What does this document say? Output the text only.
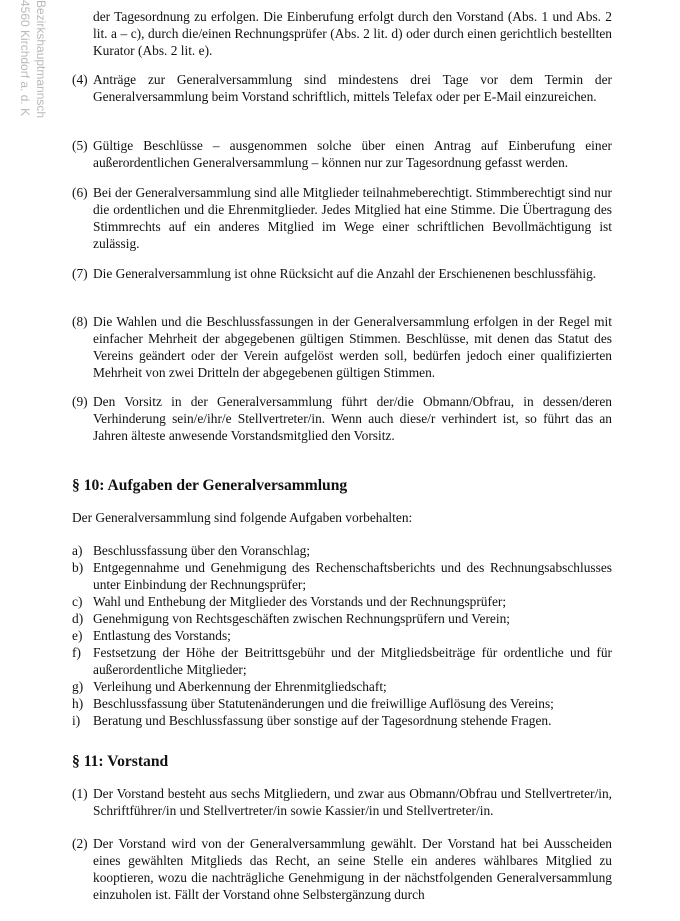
Bezirkshauptmannsch
4560 Kirchdorf a. d. K	der Tagesordnung zu erfolgen. Die Einberufung erfolgt durch den Vorstand (Abs. 1 und Abs. 2 lit. a – c), durch die/einen Rechnungsprüfer (Abs. 2 lit. d) oder durch einen gerichtlich bestellten Kurator (Abs. 2 lit. e).
(4) Anträge zur Generalversammlung sind mindestens drei Tage vor dem Termin der Generalversammlung beim Vorstand schriftlich, mittels Telefax oder per E-Mail einzureichen.
(5) Gültige Beschlüsse – ausgenommen solche über einen Antrag auf Einberufung einer außerordentlichen Generalversammlung – können nur zur Tagesordnung gefasst werden.
(6) Bei der Generalversammlung sind alle Mitglieder teilnahmeberechtigt. Stimmberechtigt sind nur die ordentlichen und die Ehrenmitglieder. Jedes Mitglied hat eine Stimme. Die Übertragung des Stimmrechts auf ein anderes Mitglied im Wege einer schriftlichen Bevollmächtigung ist zulässig.
(7) Die Generalversammlung ist ohne Rücksicht auf die Anzahl der Erschienenen beschlussfähig.
(8) Die Wahlen und die Beschlussfassungen in der Generalversammlung erfolgen in der Regel mit einfacher Mehrheit der abgegebenen gültigen Stimmen. Beschlüsse, mit denen das Statut des Vereins geändert oder der Verein aufgelöst werden soll, bedürfen jedoch einer qualifizierten Mehrheit von zwei Dritteln der abgegebenen gültigen Stimmen.
(9) Den Vorsitz in der Generalversammlung führt der/die Obmann/Obfrau, in dessen/deren Verhinderung sein/e/ihr/e Stellvertreter/in. Wenn auch diese/r verhindert ist, so führt das an Jahren älteste anwesende Vorstandsmitglied den Vorsitz.
§ 10: Aufgaben der Generalversammlung
Der Generalversammlung sind folgende Aufgaben vorbehalten:
a) Beschlussfassung über den Voranschlag;
b) Entgegennahme und Genehmigung des Rechenschaftsberichts und des Rechnungsabschlusses unter Einbindung der Rechnungsprüfer;
c) Wahl und Enthebung der Mitglieder des Vorstands und der Rechnungsprüfer;
d) Genehmigung von Rechtsgeschäften zwischen Rechnungsprüfern und Verein;
e) Entlastung des Vorstands;
f) Festsetzung der Höhe der Beitrittsgebühr und der Mitgliedsbeiträge für ordentliche und für außerordentliche Mitglieder;
g) Verleihung und Aberkennung der Ehrenmitgliedschaft;
h) Beschlussfassung über Statutenänderungen und die freiwillige Auflösung des Vereins;
i) Beratung und Beschlussfassung über sonstige auf der Tagesordnung stehende Fragen.
§ 11: Vorstand
(1) Der Vorstand besteht aus sechs Mitgliedern, und zwar aus Obmann/Obfrau und Stellvertreter/in, Schriftführer/in und Stellvertreter/in sowie Kassier/in und Stellvertreter/in.
(2) Der Vorstand wird von der Generalversammlung gewählt. Der Vorstand hat bei Ausscheiden eines gewählten Mitglieds das Recht, an seine Stelle ein anderes wählbares Mitglied zu kooptieren, wozu die nachträgliche Genehmigung in der nächstfolgenden Generalversammlung einzuholen ist. Fällt der Vorstand ohne Selbstergänzung durch
